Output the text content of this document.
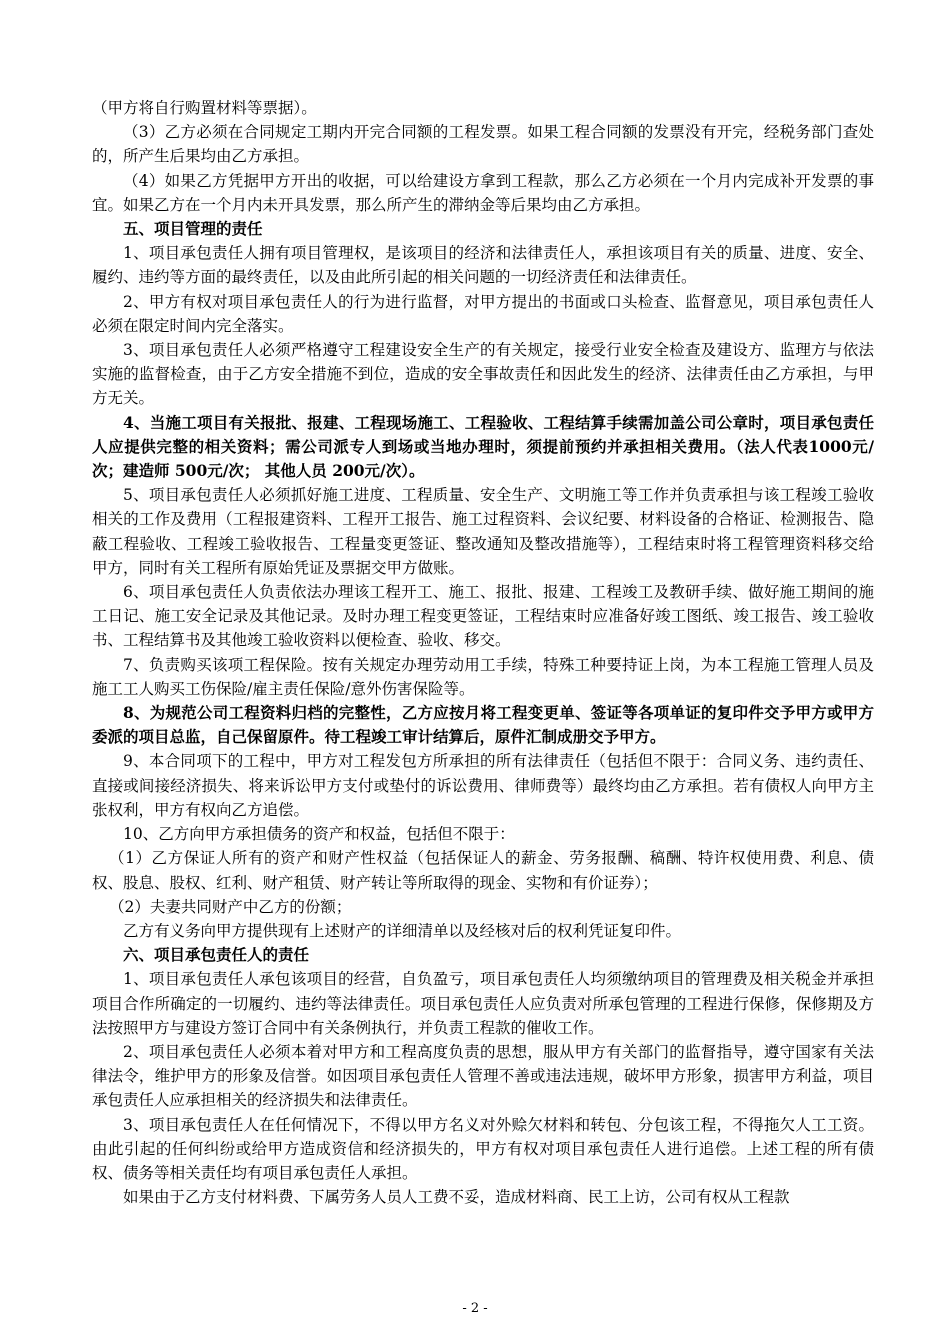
（甲方将自行购置材料等票据）。

（3）乙方必须在合同规定工期内开完合同额的工程发票。如果工程合同额的发票没有开完，经税务部门查处的，所产生后果均由乙方承担。

（4）如果乙方凭据甲方开出的收据，可以给建设方拿到工程款，那么乙方必须在一个月内完成补开发票的事宜。如果乙方在一个月内未开具发票，那么所产生的滞纳金等后果均由乙方承担。

五、项目管理的责任

1、项目承包责任人拥有项目管理权，是该项目的经济和法律责任人，承担该项目有关的质量、进度、安全、履约、违约等方面的最终责任，以及由此所引起的相关问题的一切经济责任和法律责任。

2、甲方有权对项目承包责任人的行为进行监督，对甲方提出的书面或口头检查、监督意见，项目承包责任人必须在限定时间内完全落实。

3、项目承包责任人必须严格遵守工程建设安全生产的有关规定，接受行业安全检查及建设方、监理方与依法实施的监督检查，由于乙方安全措施不到位，造成的安全事故责任和因此发生的经济、法律责任由乙方承担，与甲方无关。

4、当施工项目有关报批、报建、工程现场施工、工程验收、工程结算手续需加盖公司公章时，项目承包责任人应提供完整的相关资料；需公司派专人到场或当地办理时，须提前预约并承担相关费用。（法人代表1000元/次；建造师 500元/次； 其他人员 200元/次）。

5、项目承包责任人必须抓好施工进度、工程质量、安全生产、文明施工等工作并负责承担与该工程竣工验收相关的工作及费用（工程报建资料、工程开工报告、施工过程资料、会议纪要、材料设备的合格证、检测报告、隐蔽工程验收、工程竣工验收报告、工程量变更签证、整改通知及整改措施等），工程结束时将工程管理资料移交给甲方，同时有关工程所有原始凭证及票据交甲方做账。

6、项目承包责任人负责依法办理该工程开工、施工、报批、报建、工程竣工及教研手续、做好施工期间的施工日记、施工安全记录及其他记录。及时办理工程变更签证，工程结束时应准备好竣工图纸、竣工报告、竣工验收书、工程结算书及其他竣工验收资料以便检查、验收、移交。

7、负责购买该项工程保险。按有关规定办理劳动用工手续，特殊工种要持证上岗，为本工程施工管理人员及施工工人购买工伤保险/雇主责任保险/意外伤害保险等。

8、为规范公司工程资料归档的完整性，乙方应按月将工程变更单、签证等各项单证的复印件交予甲方或甲方委派的项目总监，自己保留原件。待工程竣工审计结算后，原件汇制成册交予甲方。

9、本合同项下的工程中，甲方对工程发包方所承担的所有法律责任（包括但不限于：合同义务、违约责任、直接或间接经济损失、将来诉讼甲方支付或垫付的诉讼费用、律师费等）最终均由乙方承担。若有债权人向甲方主张权利，甲方有权向乙方追偿。

10、乙方向甲方承担债务的资产和权益，包括但不限于：

（1）乙方保证人所有的资产和财产性权益（包括保证人的薪金、劳务报酬、稿酬、特许权使用费、利息、债权、股息、股权、红利、财产租赁、财产转让等所取得的现金、实物和有价证券）；

（2）夫妻共同财产中乙方的份额；

乙方有义务向甲方提供现有上述财产的详细清单以及经核对后的权利凭证复印件。

六、项目承包责任人的责任

1、项目承包责任人承包该项目的经营，自负盈亏，项目承包责任人均须缴纳项目的管理费及相关税金并承担项目合作所确定的一切履约、违约等法律责任。项目承包责任人应负责对所承包管理的工程进行保修，保修期及方法按照甲方与建设方签订合同中有关条例执行，并负责工程款的催收工作。

2、项目承包责任人必须本着对甲方和工程高度负责的思想，服从甲方有关部门的监督指导，遵守国家有关法律法令，维护甲方的形象及信誉。如因项目承包责任人管理不善或违法违规，破坏甲方形象，损害甲方利益，项目承包责任人应承担相关的经济损失和法律责任。

3、项目承包责任人在任何情况下，不得以甲方名义对外赊欠材料和转包、分包该工程，不得拖欠人工工资。由此引起的任何纠纷或给甲方造成资信和经济损失的，甲方有权对项目承包责任人进行追偿。上述工程的所有债权、债务等相关责任均有项目承包责任人承担。

如果由于乙方支付材料费、下属劳务人员人工费不妥，造成材料商、民工上访，公司有权从工程款

- 2 -
